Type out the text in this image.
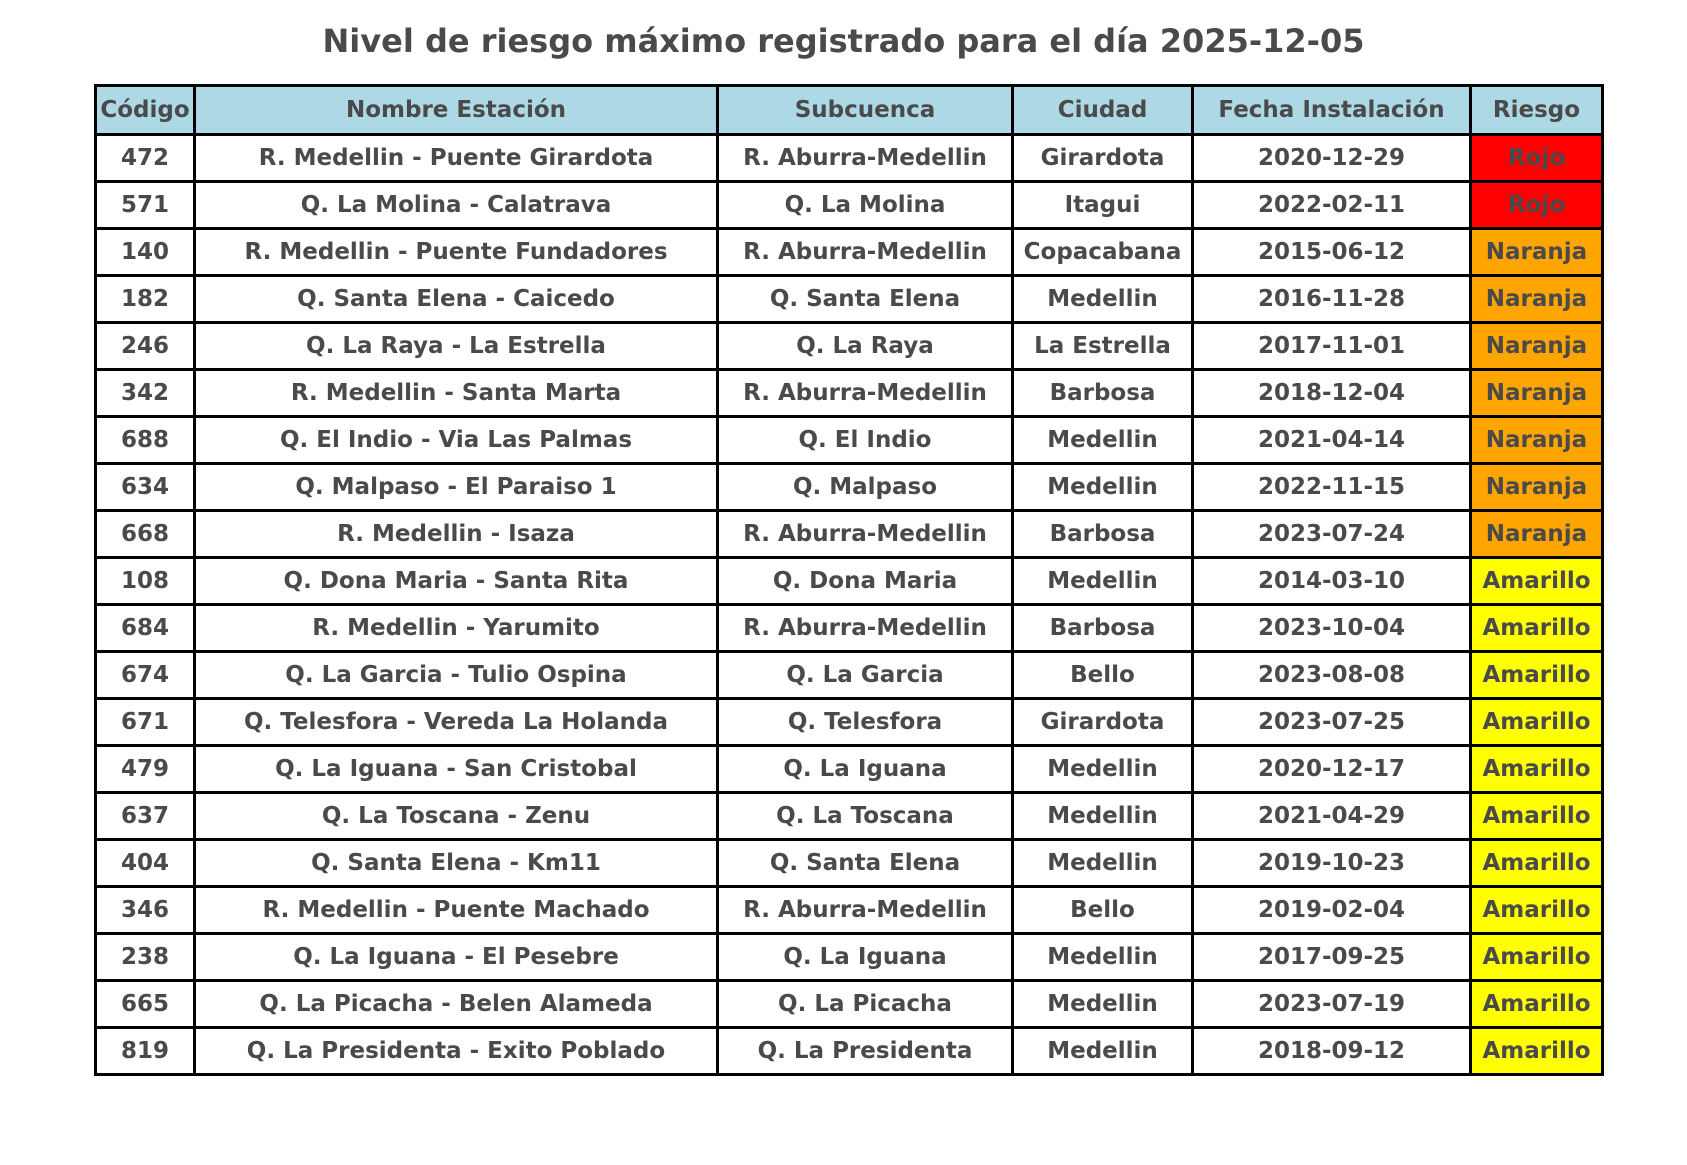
Nivel de riesgo máximo registrado para el día 2025-12-05
Código	Nombre Estación	Subcuenca	Ciudad	Fecha Instalación	Riesgo
472	R. Medellin - Puente Girardota	R. Aburra-Medellin	Girardota	2020-12-29	Rojo
571	Q. La Molina - Calatrava	Q. La Molina	Itagui	2022-02-11	Rojo
140	R. Medellin - Puente Fundadores	R. Aburra-Medellin	Copacabana	2015-06-12	Naranja
182	Q. Santa Elena - Caicedo	Q. Santa Elena	Medellin	2016-11-28	Naranja
246	Q. La Raya - La Estrella	Q. La Raya	La Estrella	2017-11-01	Naranja
342	R. Medellin - Santa Marta	R. Aburra-Medellin	Barbosa	2018-12-04	Naranja
688	Q. El Indio - Via Las Palmas	Q. El Indio	Medellin	2021-04-14	Naranja
634	Q. Malpaso - El Paraiso 1	Q. Malpaso	Medellin	2022-11-15	Naranja
668	R. Medellin - Isaza	R. Aburra-Medellin	Barbosa	2023-07-24	Naranja
108	Q. Dona Maria - Santa Rita	Q. Dona Maria	Medellin	2014-03-10	Amarillo
684	R. Medellin - Yarumito	R. Aburra-Medellin	Barbosa	2023-10-04	Amarillo
674	Q. La Garcia - Tulio Ospina	Q. La Garcia	Bello	2023-08-08	Amarillo
671	Q. Telesfora - Vereda La Holanda	Q. Telesfora	Girardota	2023-07-25	Amarillo
479	Q. La Iguana - San Cristobal	Q. La Iguana	Medellin	2020-12-17	Amarillo
637	Q. La Toscana - Zenu	Q. La Toscana	Medellin	2021-04-29	Amarillo
404	Q. Santa Elena - Km11	Q. Santa Elena	Medellin	2019-10-23	Amarillo
346	R. Medellin - Puente Machado	R. Aburra-Medellin	Bello	2019-02-04	Amarillo
238	Q. La Iguana - El Pesebre	Q. La Iguana	Medellin	2017-09-25	Amarillo
665	Q. La Picacha - Belen Alameda	Q. La Picacha	Medellin	2023-07-19	Amarillo
819	Q. La Presidenta - Exito Poblado	Q. La Presidenta	Medellin	2018-09-12	Amarillo
